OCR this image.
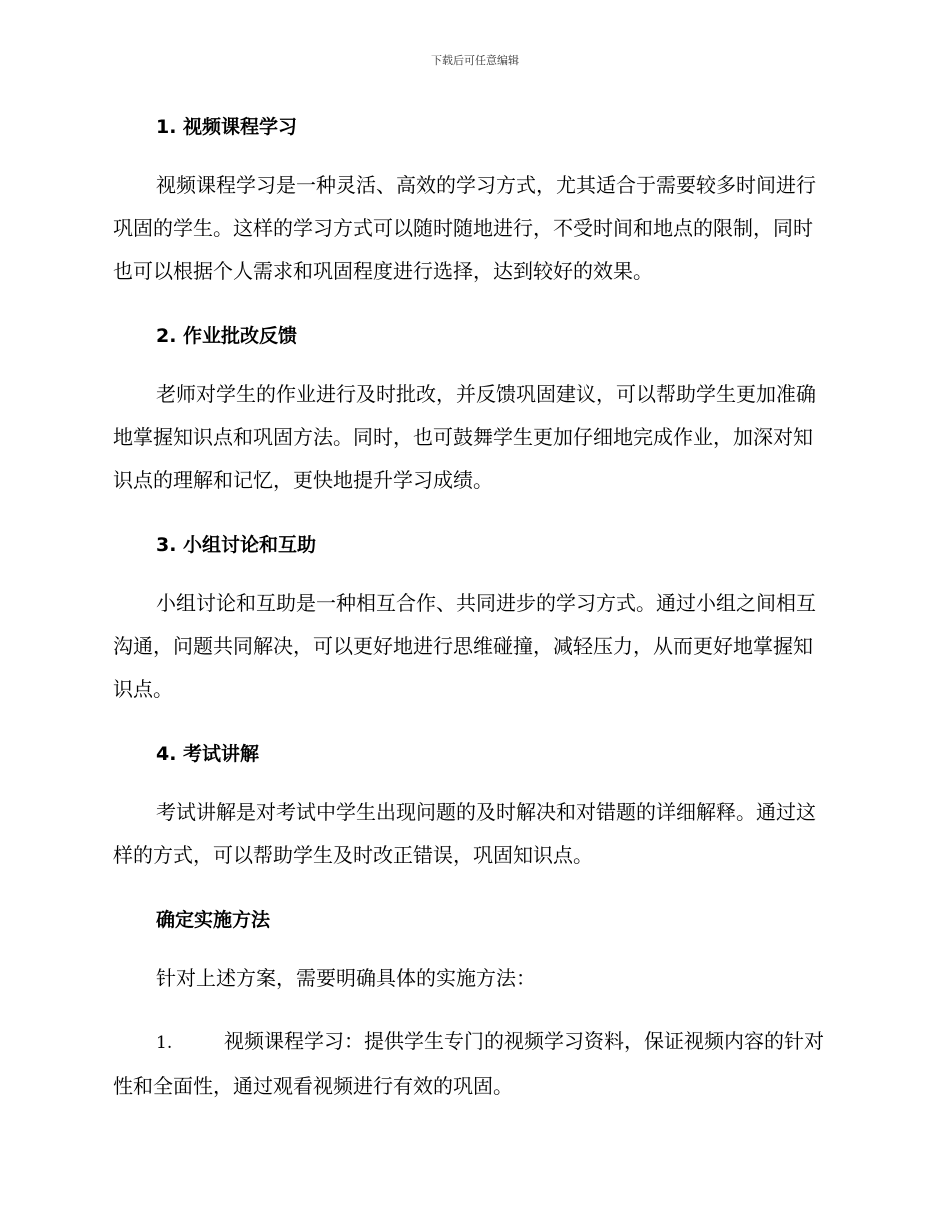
下载后可任意编辑
1. 视频课程学习

视频课程学习是一种灵活、高效的学习方式，尤其适合于需要较多时间进行巩固的学生。这样的学习方式可以随时随地进行，不受时间和地点的限制，同时也可以根据个人需求和巩固程度进行选择，达到较好的效果。

2. 作业批改反馈

老师对学生的作业进行及时批改，并反馈巩固建议，可以帮助学生更加准确地掌握知识点和巩固方法。同时，也可鼓舞学生更加仔细地完成作业，加深对知识点的理解和记忆，更快地提升学习成绩。

3. 小组讨论和互助

小组讨论和互助是一种相互合作、共同进步的学习方式。通过小组之间相互沟通，问题共同解决，可以更好地进行思维碰撞，减轻压力，从而更好地掌握知识点。

4. 考试讲解

考试讲解是对考试中学生出现问题的及时解决和对错题的详细解释。通过这样的方式，可以帮助学生及时改正错误，巩固知识点。

确定实施方法

针对上述方案，需要明确具体的实施方法：

1.	视频课程学习：提供学生专门的视频学习资料，保证视频内容的针对性和全面性，通过观看视频进行有效的巩固。
